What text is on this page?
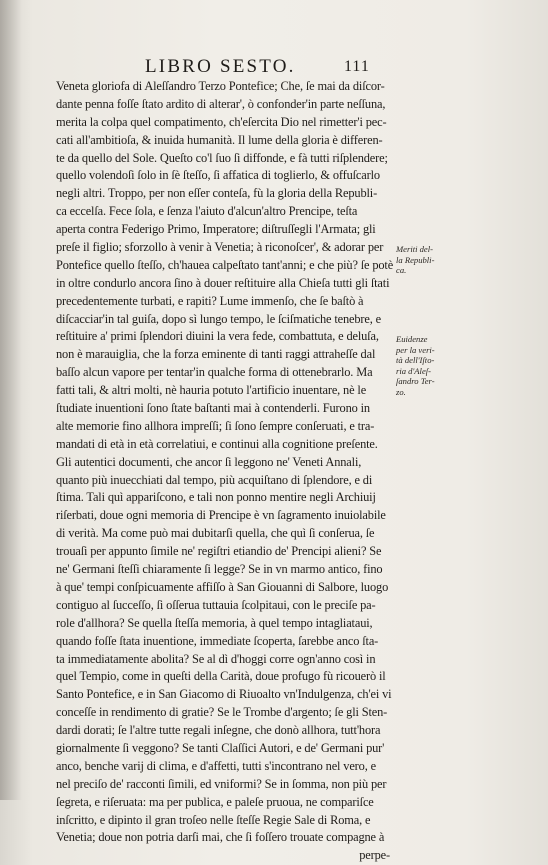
LIBRO SESTO.	111
Veneta gloriofa di Aleſſandro Terzo Pontefice; Che, ſe mai da diſcor-
dante penna foſſe ſtato ardito di alterar', ò confonder'in parte neſſuna,
merita la colpa quel compatimento, ch'eſercita Dio nel rimetter'i pec-
cati all'ambitioſa, & inuida humanità. Il lume della gloria è differen-
te da quello del Sole. Queſto co'l ſuo ſi diffonde, e fà tutti riſplendere;
quello volendoſi ſolo in ſè ſteſſo, ſi affatica di toglierlo, & offuſcarlo
negli altri. Troppo, per non eſſer conteſa, fù la gloria della Republi-
ca eccelſa. Fece ſola, e ſenza l'aiuto d'alcun'altro Prencipe, teſta
aperta contra Federigo Primo, Imperatore; diſtruſſegli l'Armata; gli
preſe il figlio; sforzollo à venir à Venetia; à riconoſcer', & adorar per
Pontefice quello ſteſſo, ch'haueа calpeſtato tant'anni; e che più? ſe potè
in oltre condurlo ancora ſino à douer reſtituire alla Chieſa tutti gli ſtati
precedentemente turbati, e rapiti? Lume immenſo, che ſe baſtò à
diſcacciar'in tal guiſa, dopo sì lungo tempo, le ſciſmatiche tenebre, e
reſtituire a' primi ſplendori diuini la vera fede, combattuta, e deluſa,
non è marauiglia, che la forza eminente di tanti raggi attraheſſe dal
baſſo alcun vapore per tentar'in qualche forma di ottenebrarlo. Ma
fatti tali, & altri molti, nè hauria potuto l'artificio inuentare, nè le
ſtudiate inuentioni ſono ſtate baſtanti mai à contenderli. Furono in
alte memorie fino allhora impreſſi; ſi ſono ſempre conſeruati, e tra-
mandati di età in età correlatiui, e continui alla cognitione preſente.
Gli autentici documenti, che ancor ſi leggono ne' Veneti Annali,
quanto più inuecchiati dal tempo, più acquiſtano di ſplendore, e di
ſtima. Tali quì appariſcono, e tali non ponno mentire negli Archiuij
riſerbati, doue ogni memoria di Prencipe è vn ſagramento inuiolabile
di verità. Ma come può mai dubitarſi quella, che quì ſi conſerua, ſe
trouaſi per appunto ſimile ne' regiſtri etiandio de' Prencipi alieni? Se
ne' Germani ſteſſi chiaramente ſi legge? Se in vn marmo antico, fino
à que' tempi conſpicuamente affiſſo à San Giouanni di Salbore, luogo
contiguo al ſucceſſo, ſi oſſerua tuttauia ſcolpitaui, con le preciſe pa-
role d'allhora? Se quella ſteſſa memoria, à quel tempo intagliataui,
quando foſſe ſtata inuentione, immediate ſcoperta, ſarebbe anco ſta-
ta immediatamente abolita? Se al dì d'hoggi corre ogn'anno così in
quel Tempio, come in queſti della Carità, doue profugo fù ricouerò il
Santo Pontefice, e in San Giacomo di Riuoalto vn'Indulgenza, ch'ei vi
conceſſe in rendimento di gratie? Se le Trombe d'argento; ſe gli Sten-
dardi dorati; ſe l'altre tutte regali inſegne, che donò allhora, tutt'hora
giornalmente ſi veggono? Se tanti Claſſici Autori, e de' Germani pur'
anco, benche varij di clima, e d'affetti, tutti s'incontrano nel vero, e
nel preciſo de' racconti ſimili, ed vniformi? Se in ſomma, non più per
ſegreta, e riſeruata: ma per publica, e paleſe pruoua, ne compariſce
inſcritto, e dipinto il gran troſeo nelle ſteſſe Regie Sale di Roma, e
Venetia; doue non potria darſi mai, che ſi foſſero trouate compagne à
perpe-
Meriti del-
la Republi-
ca.
Euidenze
per la veri-
tà dell'Iſto-
ria d'Aleſ-
ſandro Ter-
zo.
